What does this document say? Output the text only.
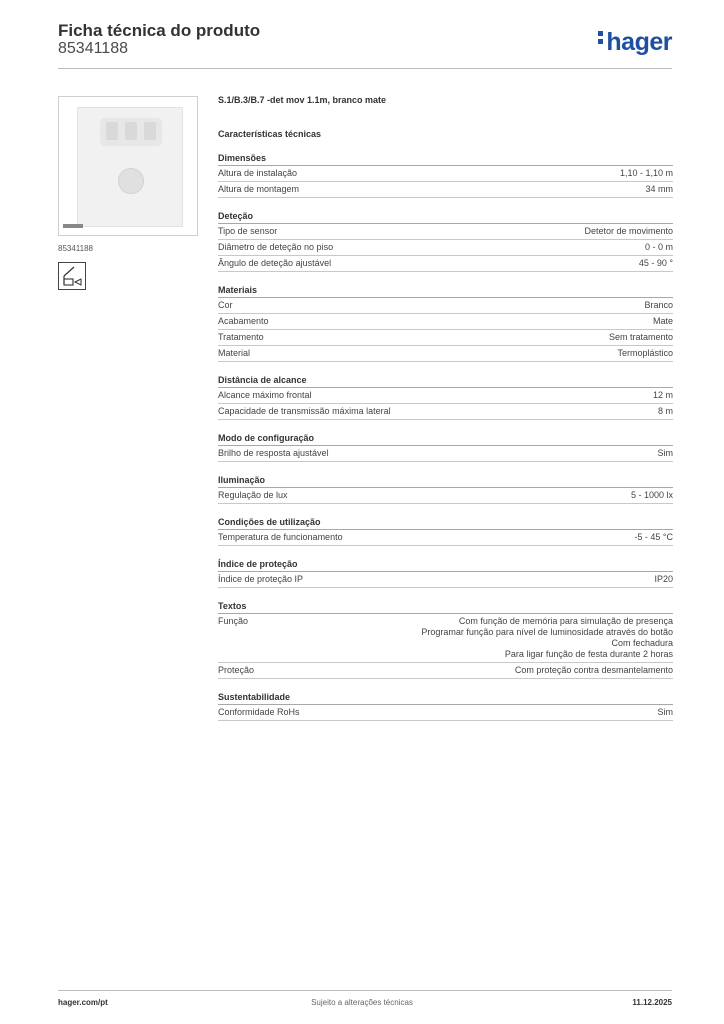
Ficha técnica do produto
85341188	hager
85341188
S.1/B.3/B.7 -det mov 1.1m, branco mate
Características técnicas
Dimensões
Altura de instalação	1,10 - 1,10 m
Altura de montagem	34 mm
Deteção
Tipo de sensor	Detetor de movimento
Diâmetro de deteção no piso	0 - 0 m
Ângulo de deteção ajustável	45 - 90 °
Materiais
Cor	Branco
Acabamento	Mate
Tratamento	Sem tratamento
Material	Termoplástico
Distância de alcance
Alcance máximo frontal	12 m
Capacidade de transmissão máxima lateral	8 m
Modo de configuração
Brilho de resposta ajustável	Sim
Iluminação
Regulação de lux	5 - 1000 lx
Condições de utilização
Temperatura de funcionamento	-5 - 45 °C
Índice de proteção
Índice de proteção IP	IP20
Textos
Função	Com função de memória para simulação de presença
Programar função para nível de luminosidade através do botão
Com fechadura
Para ligar função de festa durante 2 horas
Proteção	Com proteção contra desmantelamento
Sustentabilidade
Conformidade RoHs	Sim
hager.com/pt	Sujeito a alterações técnicas	11.12.2025
